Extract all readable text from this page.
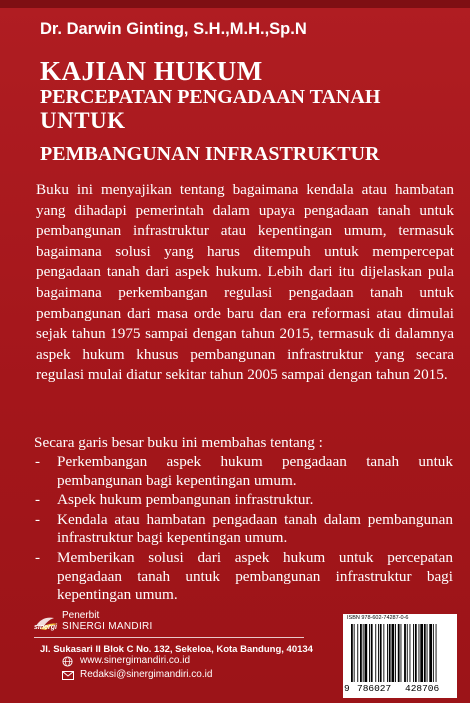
Dr. Darwin Ginting, S.H.,M.H.,Sp.N
KAJIAN HUKUM
PERCEPATAN PENGADAAN TANAH
UNTUK
PEMBANGUNAN INFRASTRUKTUR
Buku ini menyajikan tentang bagaimana kendala atau hambatan yang dihadapi pemerintah dalam upaya pengadaan tanah untuk pembangunan infrastruktur atau kepentingan umum, termasuk bagaimana solusi yang harus ditempuh untuk mempercepat pengadaan tanah dari aspek hukum. Lebih dari itu dijelaskan pula bagaimana perkembangan regulasi pengadaan tanah untuk pembangunan dari masa orde baru dan era reformasi atau dimulai sejak tahun 1975 sampai dengan tahun 2015, termasuk di dalamnya aspek hukum khusus pembangunan infrastruktur yang secara regulasi mulai diatur sekitar tahun 2005 sampai dengan tahun 2015.
Secara garis besar buku ini membahas tentang :
- Perkembangan aspek hukum pengadaan tanah untuk pembangunan bagi kepentingan umum.
- Aspek hukum pembangunan infrastruktur.
- Kendala atau hambatan pengadaan tanah dalam pembangunan infrastruktur bagi kepentingan umum.
- Memberikan solusi dari aspek hukum untuk percepatan pengadaan tanah untuk pembangunan infrastruktur bagi kepentingan umum.
sinergi
Penerbit
SINERGI MANDIRI
Jl. Sukasari II Blok C No. 132, Sekeloa, Kota Bandung, 40134
www.sinergimandiri.co.id
Redaksi@sinergimandiri.co.id
ISBN 978-602-74287-0-6
9 786027 428706
